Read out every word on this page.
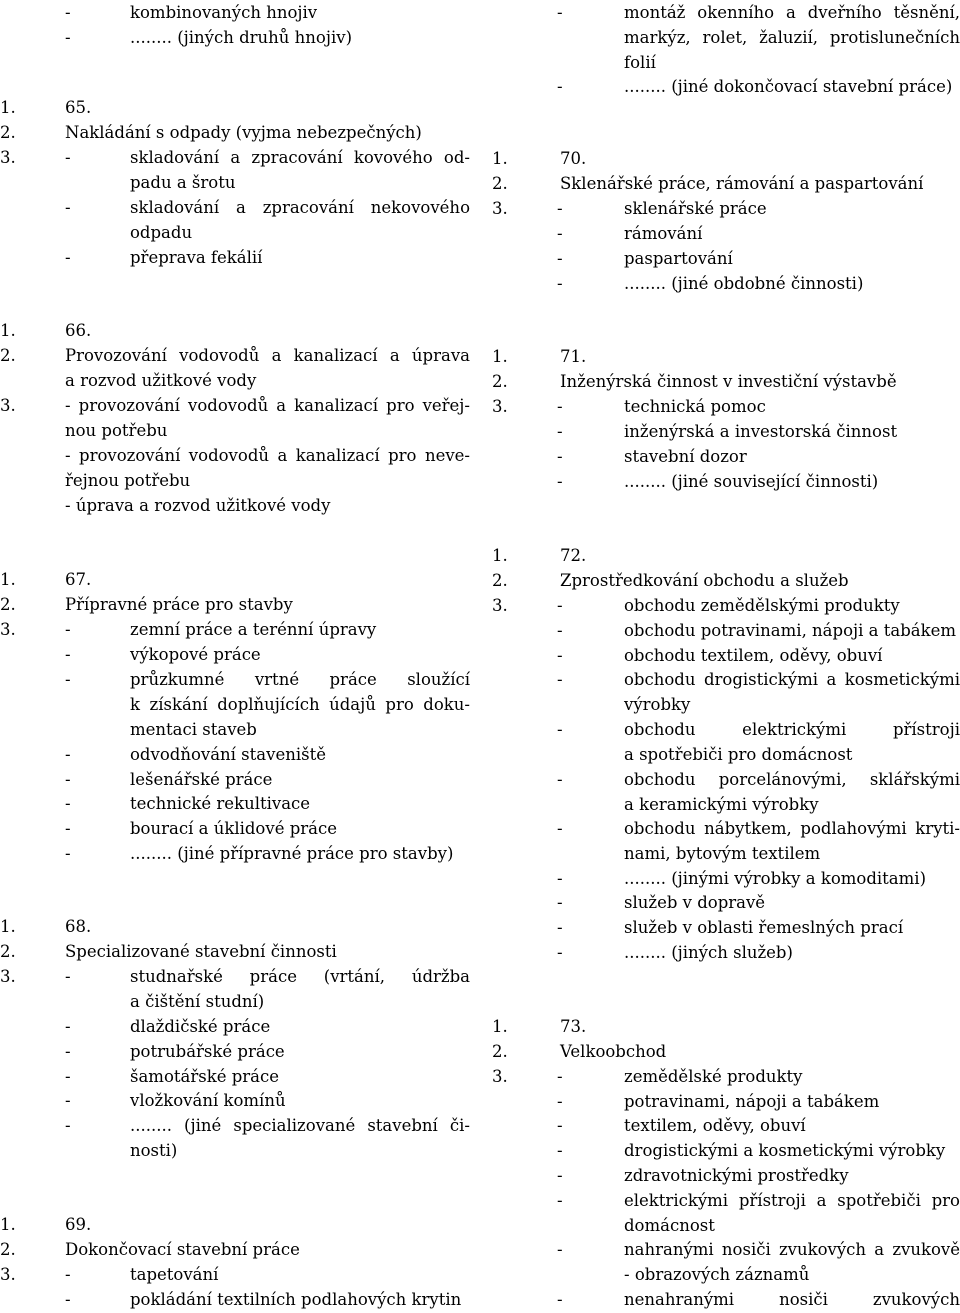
-	kombinovaných hnojiv
-	........ (jiných druhů hnojiv)
1.	65.
2.	Nakládání s odpady (vyjma nebezpečných)
3.	-	skladování a zpracování kovového od-
padu a šrotu
-	skladování a zpracování nekovového
odpadu
-	přeprava fekálií
1.	66.
2.	Provozování vodovodů a kanalizací a úprava
a rozvod užitkové vody
3.	- provozování vodovodů a kanalizací pro veřej-
nou potřebu
- provozování vodovodů a kanalizací pro neve-
řejnou potřebu
- úprava a rozvod užitkové vody
1.	67.
2.	Přípravné práce pro stavby
3.	-	zemní práce a terénní úpravy
-	výkopové práce
-	průzkumné vrtné práce sloužící
k získání doplňujících údajů pro doku-
mentaci staveb
-	odvodňování staveniště
-	lešenářské práce
-	technické rekultivace
-	bourací a úklidové práce
-	........ (jiné přípravné práce pro stavby)
1.	68.
2.	Specializované stavební činnosti
3.	-	studnařské práce (vrtání, údržba
a čištění studní)
-	dlaždičské práce
-	potrubářské práce
-	šamotářské práce
-	vložkování komínů
-	........ (jiné specializované stavební či-
nosti)
1.	69.
2.	Dokončovací stavební práce
3.	-	tapetování
-	pokládání textilních podlahových krytin
-	montáž okenního a dveřního těsnění,
markýz, rolet, žaluzií, protislunečních
folií
-	........ (jiné dokončovací stavební práce)
1.	70.
2.	Sklenářské práce, rámování a paspartování
3.	-	sklenářské práce
-	rámování
-	paspartování
-	........ (jiné obdobné činnosti)
1.	71.
2.	Inženýrská činnost v investiční výstavbě
3.	-	technická pomoc
-	inženýrská a investorská činnost
-	stavební dozor
-	........ (jiné související činnosti)
1.	72.
2.	Zprostředkování obchodu a služeb
3.	-	obchodu zemědělskými produkty
-	obchodu potravinami, nápoji a tabákem
-	obchodu textilem, oděvy, obuví
-	obchodu drogistickými a kosmetickými
výrobky
-	obchodu elektrickými přístroji
a spotřebiči pro domácnost
-	obchodu porcelánovými, sklářskými
a keramickými výrobky
-	obchodu nábytkem, podlahovými kryti-
nami, bytovým textilem
-	........ (jinými výrobky a komoditami)
-	služeb v dopravě
-	služeb v oblasti řemeslných prací
-	........ (jiných služeb)
1.	73.
2.	Velkoobchod
3.	-	zemědělské produkty
-	potravinami, nápoji a tabákem
-	textilem, oděvy, obuví
-	drogistickými a kosmetickými výrobky
-	zdravotnickými prostředky
-	elektrickými přístroji a spotřebiči pro
domácnost
-	nahranými nosiči zvukových a zvukově
- obrazových záznamů
-	nenahranými nosiči zvukových
